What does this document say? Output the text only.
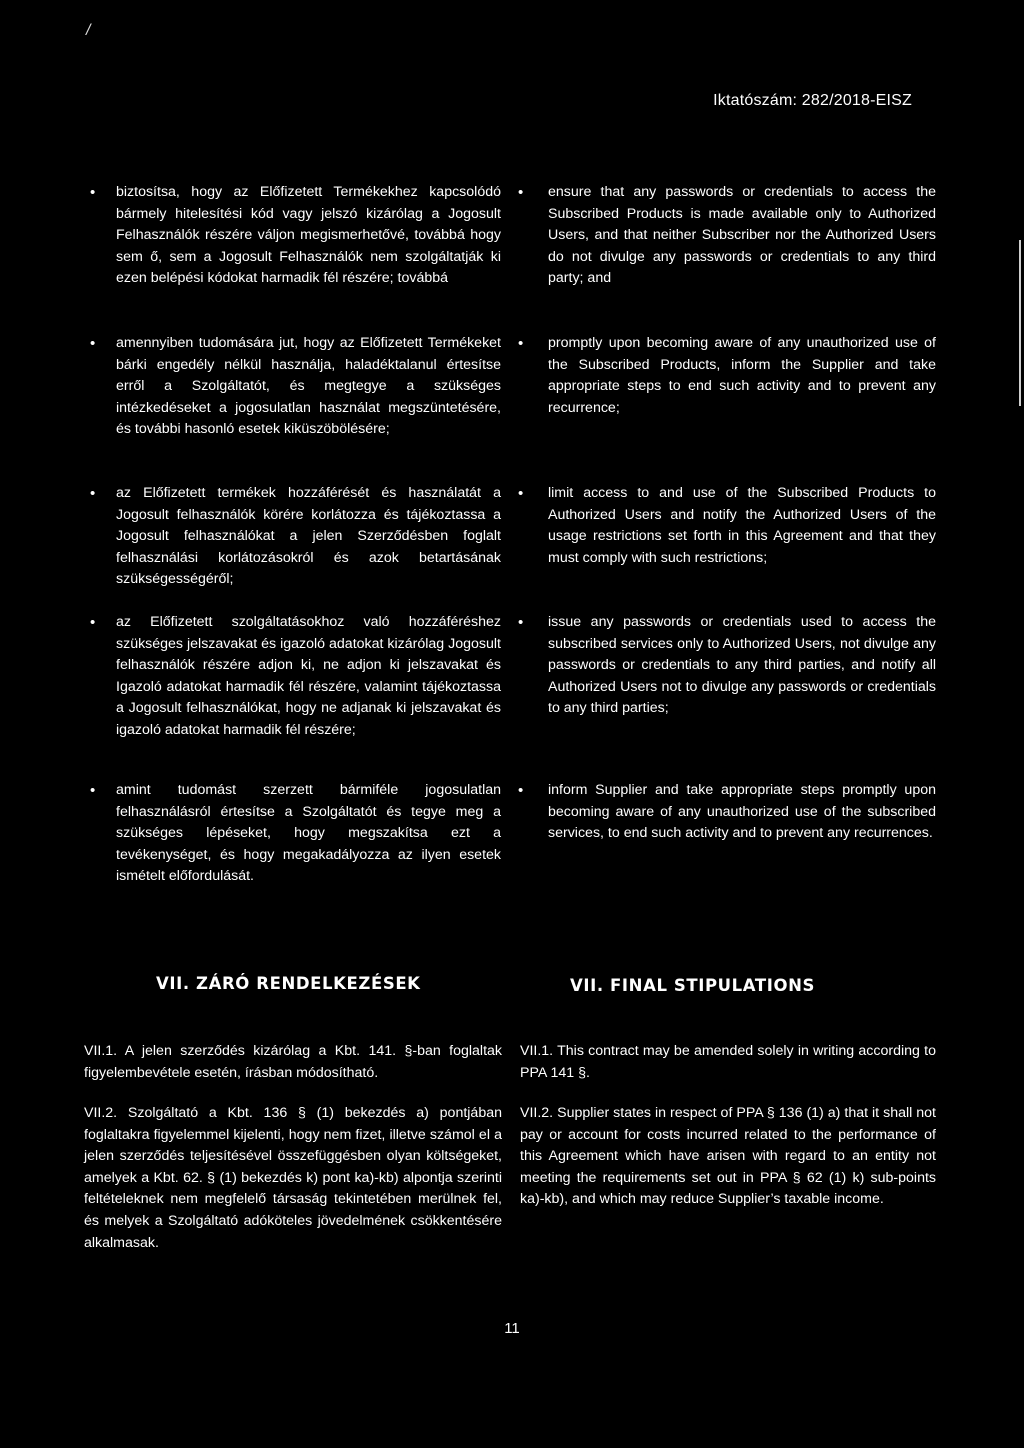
/
Iktatószám: 282/2018-EISZ
• biztosítsa, hogy az Előfizetett Termékekhez kapcsolódó bármely hitelesítési kód vagy jelszó kizárólag a Jogosult Felhasználók részére váljon megismerhetővé, továbbá hogy sem ő, sem a Jogosult Felhasználók nem szolgáltatják ki ezen belépési kódokat harmadik fél részére; továbbá
• amennyiben tudomására jut, hogy az Előfizetett Termékeket bárki engedély nélkül használja, haladéktalanul értesítse erről a Szolgáltatót, és megtegye a szükséges intézkedéseket a jogosulatlan használat megszüntetésére, és további hasonló esetek kiküszöbölésére;
• az Előfizetett termékek hozzáférését és használatát a Jogosult felhasználók körére korlátozza és tájékoztassa a Jogosult felhasználókat a jelen Szerződésben foglalt felhasználási korlátozásokról és azok betartásának szükségességéről;
• az Előfizetett szolgáltatásokhoz való hozzáféréshez szükséges jelszavakat és igazoló adatokat kizárólag Jogosult felhasználók részére adjon ki, ne adjon ki jelszavakat és Igazoló adatokat harmadik fél részére, valamint tájékoztassa a Jogosult felhasználókat, hogy ne adjanak ki jelszavakat és igazoló adatokat harmadik fél részére;
• amint tudomást szerzett bármiféle jogosulatlan felhasználásról értesítse a Szolgáltatót és tegye meg a szükséges lépéseket, hogy megszakítsa ezt a tevékenységet, és hogy megakadályozza az ilyen esetek ismételt előfordulását.
• ensure that any passwords or credentials to access the Subscribed Products is made available only to Authorized Users, and that neither Subscriber nor the Authorized Users do not divulge any passwords or credentials to any third party; and
• promptly upon becoming aware of any unauthorized use of the Subscribed Products, inform the Supplier and take appropriate steps to end such activity and to prevent any recurrence;
• limit access to and use of the Subscribed Products to Authorized Users and notify the Authorized Users of the usage restrictions set forth in this Agreement and that they must comply with such restrictions;
• issue any passwords or credentials used to access the subscribed services only to Authorized Users, not divulge any passwords or credentials to any third parties, and notify all Authorized Users not to divulge any passwords or credentials to any third parties;
• inform Supplier and take appropriate steps promptly upon becoming aware of any unauthorized use of the subscribed services, to end such activity and to prevent any recurrences.
VII. ZÁRÓ RENDELKEZÉSEK	VII. FINAL STIPULATIONS
VII.1. A jelen szerződés kizárólag a Kbt. 141. §-ban foglaltak figyelembevétele esetén, írásban módosítható.
VII.2. Szolgáltató a Kbt. 136 § (1) bekezdés a) pontjában foglaltakra figyelemmel kijelenti, hogy nem fizet, illetve számol el a jelen szerződés teljesítésével összefüggésben olyan költségeket, amelyek a Kbt. 62. § (1) bekezdés k) pont ka)-kb) alpontja szerinti feltételeknek nem megfelelő társaság tekintetében merülnek fel, és melyek a Szolgáltató adóköteles jövedelmének csökkentésére alkalmasak.
VII.1. This contract may be amended solely in writing according to PPA 141 §.
VII.2. Supplier states in respect of PPA § 136 (1) a) that it shall not pay or account for costs incurred related to the performance of this Agreement which have arisen with regard to an entity not meeting the requirements set out in PPA § 62 (1) k) sub-points ka)-kb), and which may reduce Supplier’s taxable income.
11
